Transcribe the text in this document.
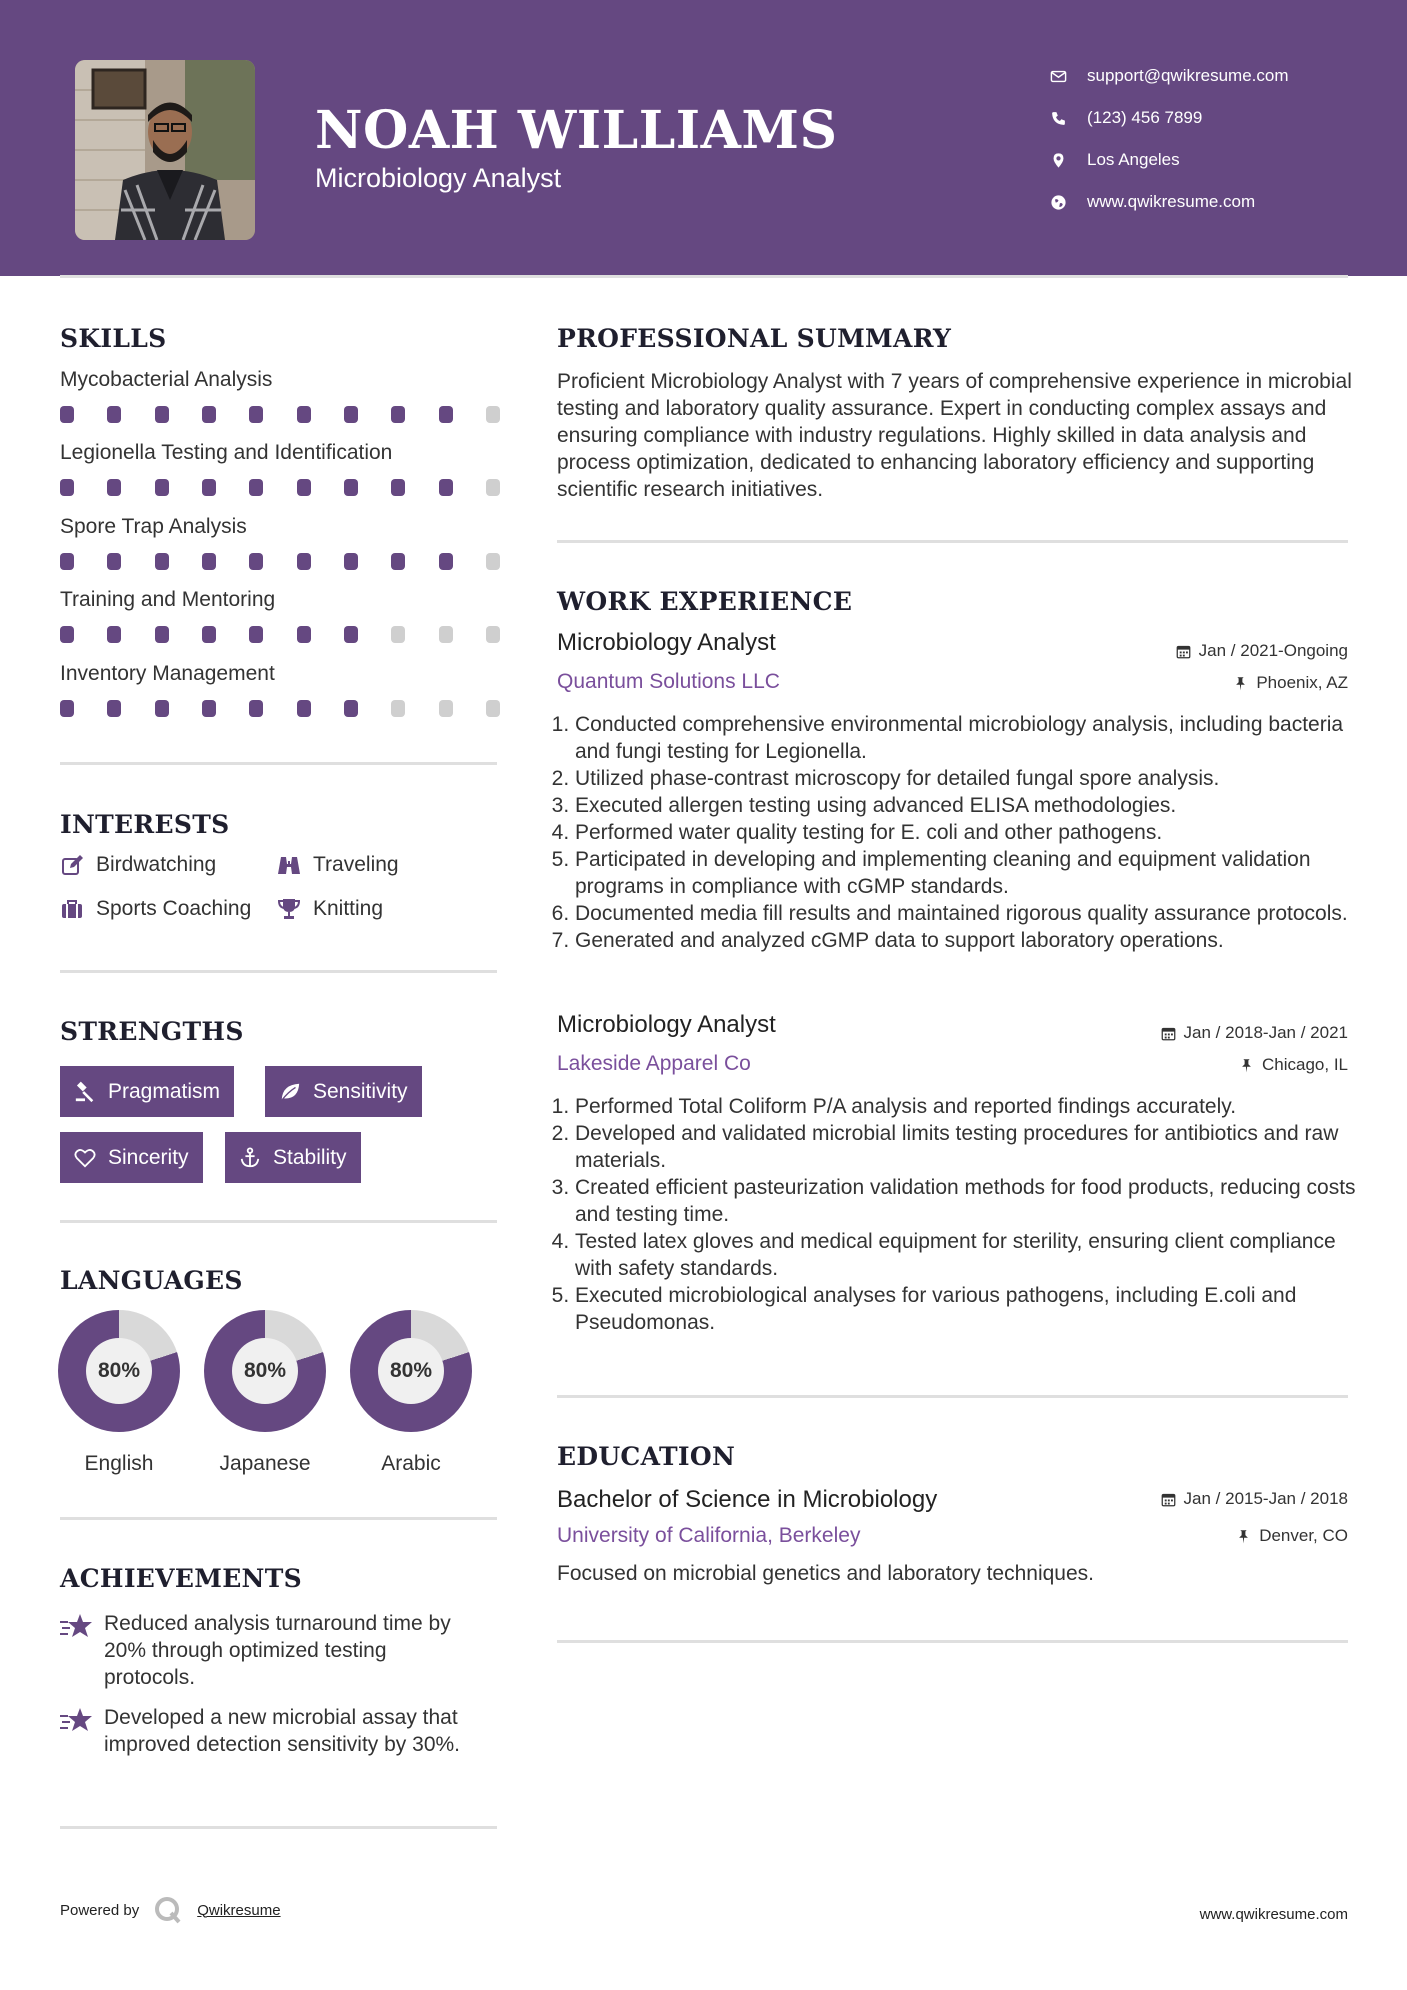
NOAH WILLIAMS
Microbiology Analyst
support@qwikresume.com
(123) 456 7899
Los Angeles
www.qwikresume.com
SKILLS
Mycobacterial Analysis
Legionella Testing and Identification
Spore Trap Analysis
Training and Mentoring
Inventory Management
INTERESTS
Birdwatching	Traveling
Sports Coaching	Knitting
STRENGTHS
Pragmatism	Sensitivity
Sincerity	Stability
LANGUAGES
80%
English
80%
Japanese
80%
Arabic
ACHIEVEMENTS
Reduced analysis turnaround time by 20% through optimized testing protocols.
Developed a new microbial assay that improved detection sensitivity by 30%.
PROFESSIONAL SUMMARY
Proficient Microbiology Analyst with 7 years of comprehensive experience in microbial testing and laboratory quality assurance. Expert in conducting complex assays and ensuring compliance with industry regulations. Highly skilled in data analysis and process optimization, dedicated to enhancing laboratory efficiency and supporting scientific research initiatives.
WORK EXPERIENCE
Microbiology Analyst	Jan / 2021-Ongoing
Quantum Solutions LLC	Phoenix, AZ
1. Conducted comprehensive environmental microbiology analysis, including bacteria and fungi testing for Legionella.
2. Utilized phase-contrast microscopy for detailed fungal spore analysis.
3. Executed allergen testing using advanced ELISA methodologies.
4. Performed water quality testing for E. coli and other pathogens.
5. Participated in developing and implementing cleaning and equipment validation programs in compliance with cGMP standards.
6. Documented media fill results and maintained rigorous quality assurance protocols.
7. Generated and analyzed cGMP data to support laboratory operations.
Microbiology Analyst	Jan / 2018-Jan / 2021
Lakeside Apparel Co	Chicago, IL
1. Performed Total Coliform P/A analysis and reported findings accurately.
2. Developed and validated microbial limits testing procedures for antibiotics and raw materials.
3. Created efficient pasteurization validation methods for food products, reducing costs and testing time.
4. Tested latex gloves and medical equipment for sterility, ensuring client compliance with safety standards.
5. Executed microbiological analyses for various pathogens, including E.coli and Pseudomonas.
EDUCATION
Bachelor of Science in Microbiology	Jan / 2015-Jan / 2018
University of California, Berkeley	Denver, CO
Focused on microbial genetics and laboratory techniques.
Powered by	Qwikresume	www.qwikresume.com
